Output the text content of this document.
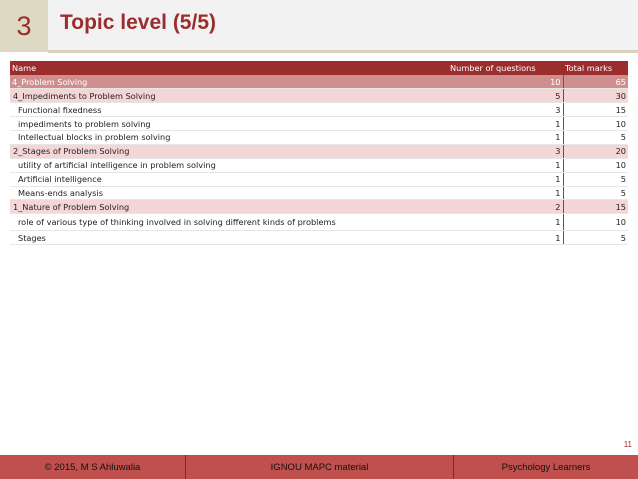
3	Topic level (5/5)
Name	Number of questions	Total marks
4_Problem Solving	10	65
4_Impediments to Problem Solving	5	30
Functional fixedness	3	15
impediments to problem solving	1	10
Intellectual blocks in problem solving	1	5
2_Stages of Problem Solving	3	20
utility of artificial intelligence in problem solving	1	10
Artificial intelligence	1	5
Means-ends analysis	1	5
1_Nature of Problem Solving	2	15
role of various type of thinking involved in solving different kinds of problems	1	10
Stages	1	5
11
© 2015, M S Ahluwalia	IGNOU MAPC material	Psychology Learners
